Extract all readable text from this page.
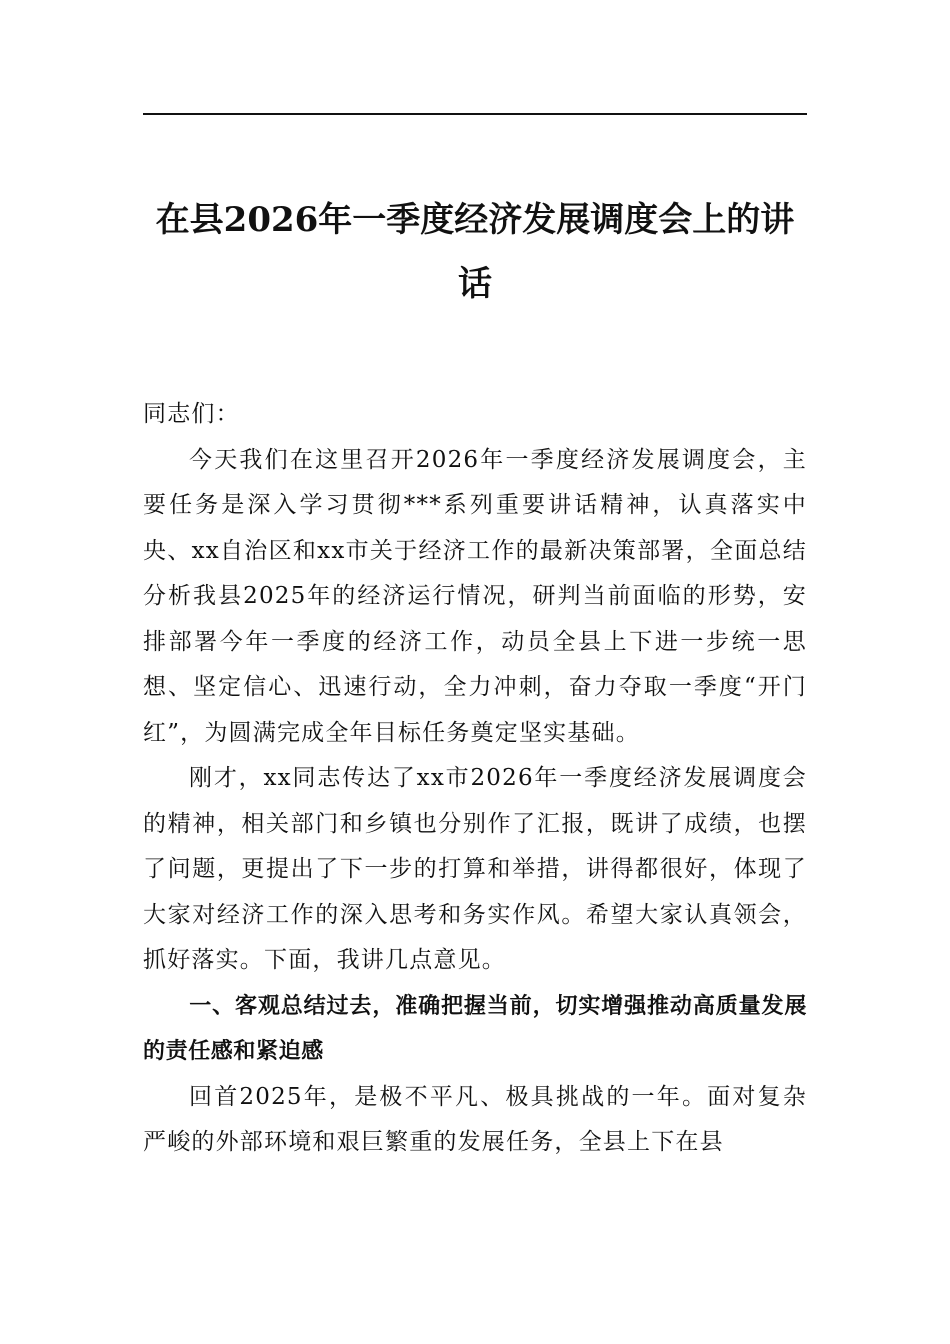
在县2026年一季度经济发展调度会上的讲话

同志们：

今天我们在这里召开2026年一季度经济发展调度会，主要任务是深入学习贯彻***系列重要讲话精神，认真落实中央、xx自治区和xx市关于经济工作的最新决策部署，全面总结分析我县2025年的经济运行情况，研判当前面临的形势，安排部署今年一季度的经济工作，动员全县上下进一步统一思想、坚定信心、迅速行动，全力冲刺，奋力夺取一季度“开门红”，为圆满完成全年目标任务奠定坚实基础。

刚才，xx同志传达了xx市2026年一季度经济发展调度会的精神，相关部门和乡镇也分别作了汇报，既讲了成绩，也摆了问题，更提出了下一步的打算和举措，讲得都很好，体现了大家对经济工作的深入思考和务实作风。希望大家认真领会，抓好落实。下面，我讲几点意见。

一、客观总结过去，准确把握当前，切实增强推动高质量发展的责任感和紧迫感

回首2025年，是极不平凡、极具挑战的一年。面对复杂严峻的外部环境和艰巨繁重的发展任务，全县上下在县
